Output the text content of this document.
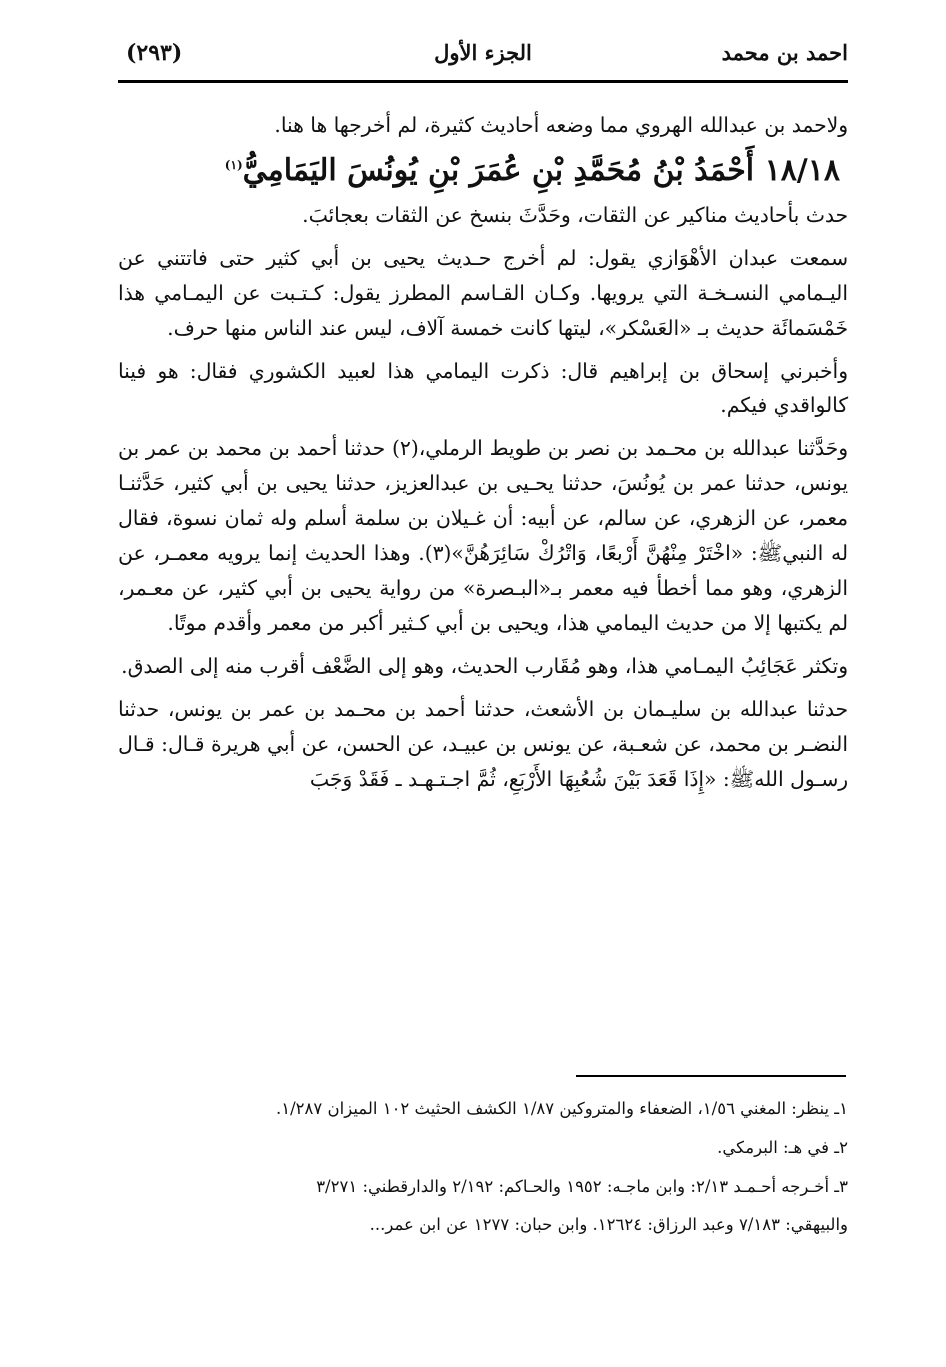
احمد بن محمد
الجزء الأول
(٢٩٣)

ولاحمد بن عبدالله الهروي مما وضعه أحاديث كثيرة، لم أخرجها ها هنا.

١٨/١٨ أَحْمَدُ بْنُ مُحَمَّدِ بْنِ عُمَرَ بْنِ يُونُسَ اليَمَامِيُّ$^{(١)}$

حدث بأحاديث مناكير عن الثقات، وحَدَّثَ بنسخ عن الثقات بعجائبَ.

سمعت عبدان الأهْوَازي يقول: لم أخرج حـديث يحيى بن أبي كثير حتى فاتتني عن اليـمامي النسـخـة التي يرويها. وكـان القـاسم المطرز يقول: كـتـبت عن اليمـامي هذا خَمْسَمائَة حديث بـ «العَسْكر»، ليتها كانت خمسة آلاف، ليس عند الناس منها حرف.

وأخبرني إسحاق بن إبراهيم قال: ذكرت اليمامي هذا لعبيد الكشوري فقال: هو فينا كالواقدي فيكم.

وحَدَّثنا عبدالله بن محـمد بن نصر بن طويط الرملي،(٢) حدثنا أحمد بن محمد بن عمر بن يونس، حدثنا عمر بن يُونُسَ، حدثنا يحـيى بن عبدالعزيز، حدثنا يحيى بن أبي كثير، حَدَّثنـا معمر، عن الزهري، عن سالم، عن أبيه: أن غـيلان بن سلمة أسلم وله ثمان نسوة، فقال له النبيﷺ: «اخْتَرْ مِنْهُنَّ أَرْبعًا، وَاتْرُكْ سَائِرَهُنَّ»(٣). وهذا الحديث إنما يرويه معمـر، عن الزهري، وهو مما أخطأ فيه معمر بـ«البـصرة» من رواية يحيى بن أبي كثير، عن معـمر، لم يكتبها إلا من حديث اليمامي هذا، ويحيى بن أبي كـثير أكبر من معمر وأقدم موتًا.

وتكثر عَجَائِبُ اليمـامي هذا، وهو مُقَارب الحديث، وهو إلى الضَّعْف أقرب منه إلى الصدق.

حدثنا عبدالله بن سليـمان بن الأشعث، حدثنا أحمد بن محـمد بن عمر بن يونس، حدثنا النضـر بن محمد، عن شعـبة، عن يونس بن عبيـد، عن الحسن، عن أبي هريرة قـال: قـال رسـول اللهﷺ: «إِذَا قَعَدَ بَيْنَ شُعُبِهَا الأَرْبَعِ، ثُمَّ اجـتـهـد ـ فَقَدْ وَجَبَ

١ـ ينظر: المغني ١/٥٦، الضعفاء والمتروكين ١/٨٧ الكشف الحثيث ١٠٢ الميزان ١/٢٨٧.

٢ـ في هـ: البرمكي.

٣ـ أخـرجه أحـمـد ٢/١٣: وابن ماجـه: ١٩٥٢ والحـاكم: ٢/١٩٢ والدارقطني: ٣/٢٧١

والبيهقي: ٧/١٨٣ وعبد الرزاق: ١٢٦٢٤. وابن حبان: ١٢٧٧ عن ابن عمر...
